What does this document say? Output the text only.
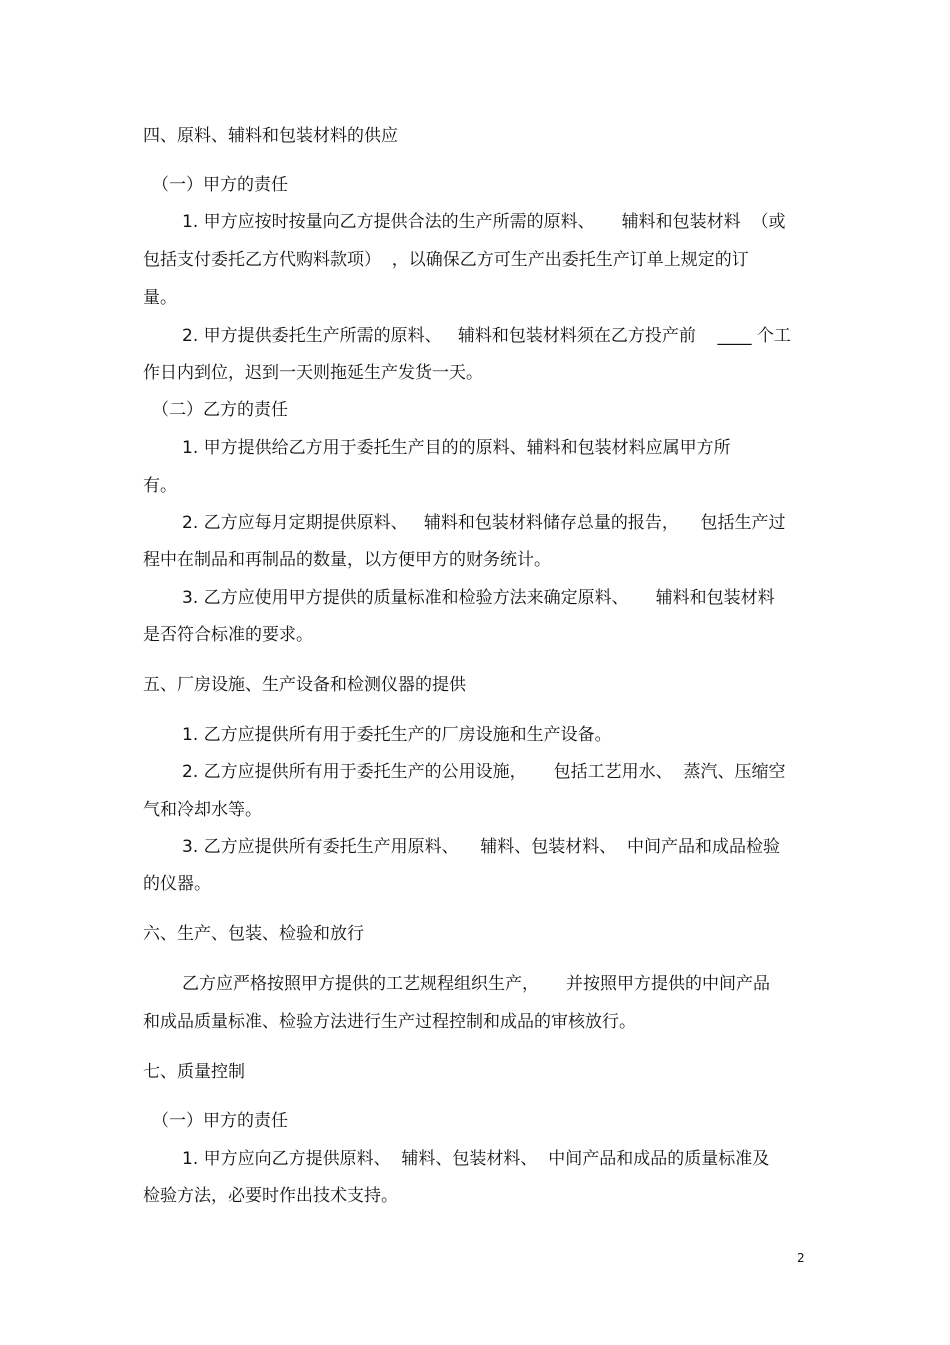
四、原料、辅料和包装材料的供应

（一）甲方的责任

1. 甲方应按时按量向乙方提供合法的生产所需的原料、     辅料和包装材料  （或

包括支付委托乙方代购料款项）  ，以确保乙方可生产出委托生产订单上规定的订

量。

2. 甲方提供委托生产所需的原料、   辅料和包装材料须在乙方投产前    ____ 个工

作日内到位，迟到一天则拖延生产发货一天。

（二）乙方的责任

1. 甲方提供给乙方用于委托生产目的的原料、辅料和包装材料应属甲方所

有。

2. 乙方应每月定期提供原料、   辅料和包装材料储存总量的报告，    包括生产过

程中在制品和再制品的数量，以方便甲方的财务统计。

3. 乙方应使用甲方提供的质量标准和检验方法来确定原料、     辅料和包装材料

是否符合标准的要求。

五、厂房设施、生产设备和检测仪器的提供

1. 乙方应提供所有用于委托生产的厂房设施和生产设备。

2. 乙方应提供所有用于委托生产的公用设施，     包括工艺用水、  蒸汽、压缩空

气和冷却水等。

3. 乙方应提供所有委托生产用原料、    辅料、包装材料、  中间产品和成品检验

的仪器。

六、生产、包装、检验和放行

乙方应严格按照甲方提供的工艺规程组织生产，     并按照甲方提供的中间产品

和成品质量标准、检验方法进行生产过程控制和成品的审核放行。

七、质量控制

（一）甲方的责任

1. 甲方应向乙方提供原料、  辅料、包装材料、  中间产品和成品的质量标准及

检验方法，必要时作出技术支持。

2
